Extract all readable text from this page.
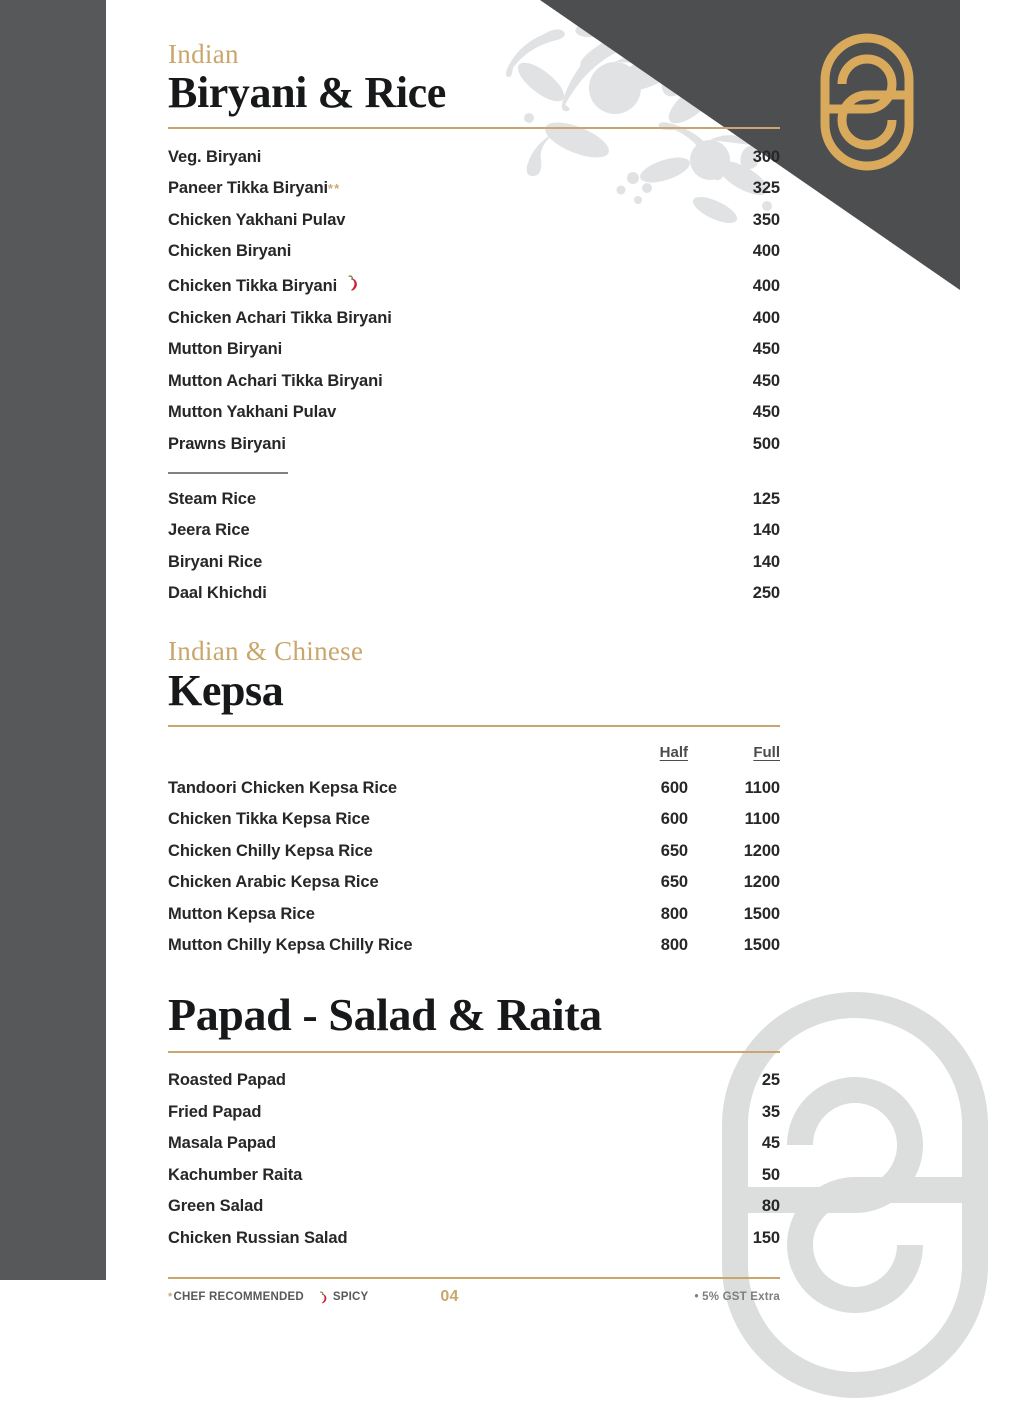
Indian
Biryani & Rice
Veg. Biryani	300
Paneer Tikka Biryani **	325
Chicken Yakhani Pulav	350
Chicken Biryani	400
Chicken Tikka Biryani	400
Chicken Achari Tikka Biryani	400
Mutton Biryani	450
Mutton Achari Tikka Biryani	450
Mutton Yakhani Pulav	450
Prawns Biryani	500
Steam Rice	125
Jeera Rice	140
Biryani Rice	140
Daal Khichdi	250
Indian & Chinese
Kepsa
Half	Full
Tandoori Chicken Kepsa Rice	600	1100
Chicken Tikka Kepsa Rice	600	1100
Chicken Chilly Kepsa Rice	650	1200
Chicken Arabic Kepsa Rice	650	1200
Mutton Kepsa Rice	800	1500
Mutton Chilly Kepsa Chilly Rice	800	1500
Papad - Salad & Raita
Roasted Papad	25
Fried Papad	35
Masala Papad	45
Kachumber Raita	50
Green Salad	80
Chicken Russian Salad	150
* CHEF RECOMMENDED	SPICY	04	• 5% GST Extra
